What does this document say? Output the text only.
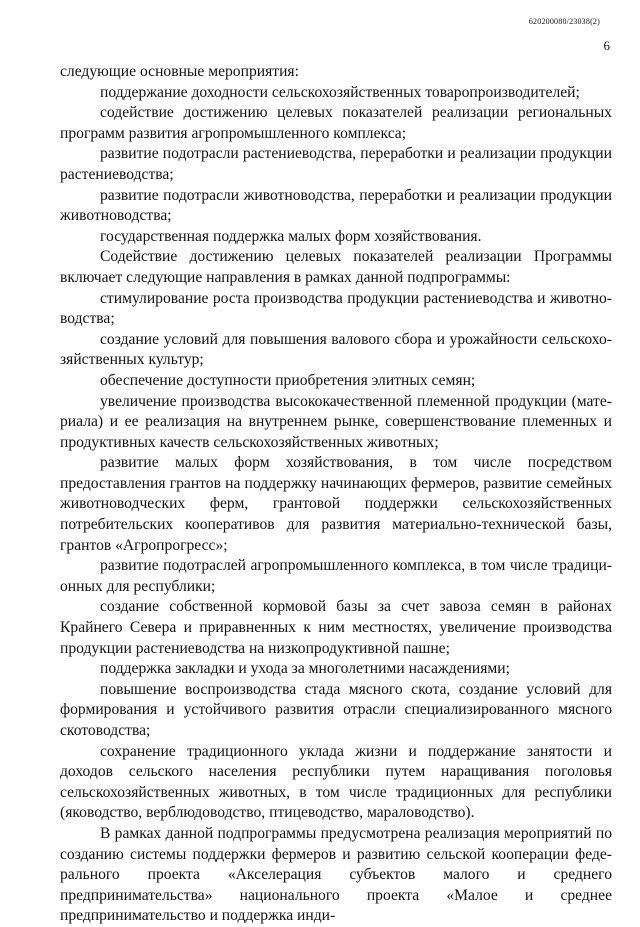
620200080/23038(2)
6

следующие основные мероприятия:

поддержание доходности сельскохозяйственных товаропроизводителей;

содействие достижению целевых показателей реализации региональных программ развития агропромышленного комплекса;

развитие подотрасли растениеводства, переработки и реализации продукции растениеводства;

развитие подотрасли животноводства, переработки и реализации продукции животноводства;

государственная поддержка малых форм хозяйствования.

Содействие достижению целевых показателей реализации Программы включает следующие направления в рамках данной подпрограммы:

стимулирование роста производства продукции растениеводства и животноводства;

создание условий для повышения валового сбора и урожайности сельскохозяйственных культур;

обеспечение доступности приобретения элитных семян;

увеличение производства высококачественной племенной продукции (материала) и ее реализация на внутреннем рынке, совершенствование племенных и продуктивных качеств сельскохозяйственных животных;

развитие малых форм хозяйствования, в том числе посредством предоставления грантов на поддержку начинающих фермеров, развитие семейных животноводческих ферм, грантовой поддержки сельскохозяйственных потребительских кооперативов для развития материально-технической базы, грантов «Агропрогресс»;

развитие подотраслей агропромышленного комплекса, в том числе традиционных для республики;

создание собственной кормовой базы за счет завоза семян в районах Крайнего Севера и приравненных к ним местностях, увеличение производства продукции растениеводства на низкопродуктивной пашне;

поддержка закладки и ухода за многолетними насаждениями;

повышение воспроизводства стада мясного скота, создание условий для формирования и устойчивого развития отрасли специализированного мясного скотоводства;

сохранение традиционного уклада жизни и поддержание занятости и доходов сельского населения республики путем наращивания поголовья сельскохозяйственных животных, в том числе традиционных для республики (яководство, верблюдоводство, птицеводство, мараловодство).

В рамках данной подпрограммы предусмотрена реализация мероприятий по созданию системы поддержки фермеров и развитию сельской кооперации федерального проекта «Акселерация субъектов малого и среднего предпринимательства» национального проекта «Малое и среднее предпринимательство и поддержка инди-
